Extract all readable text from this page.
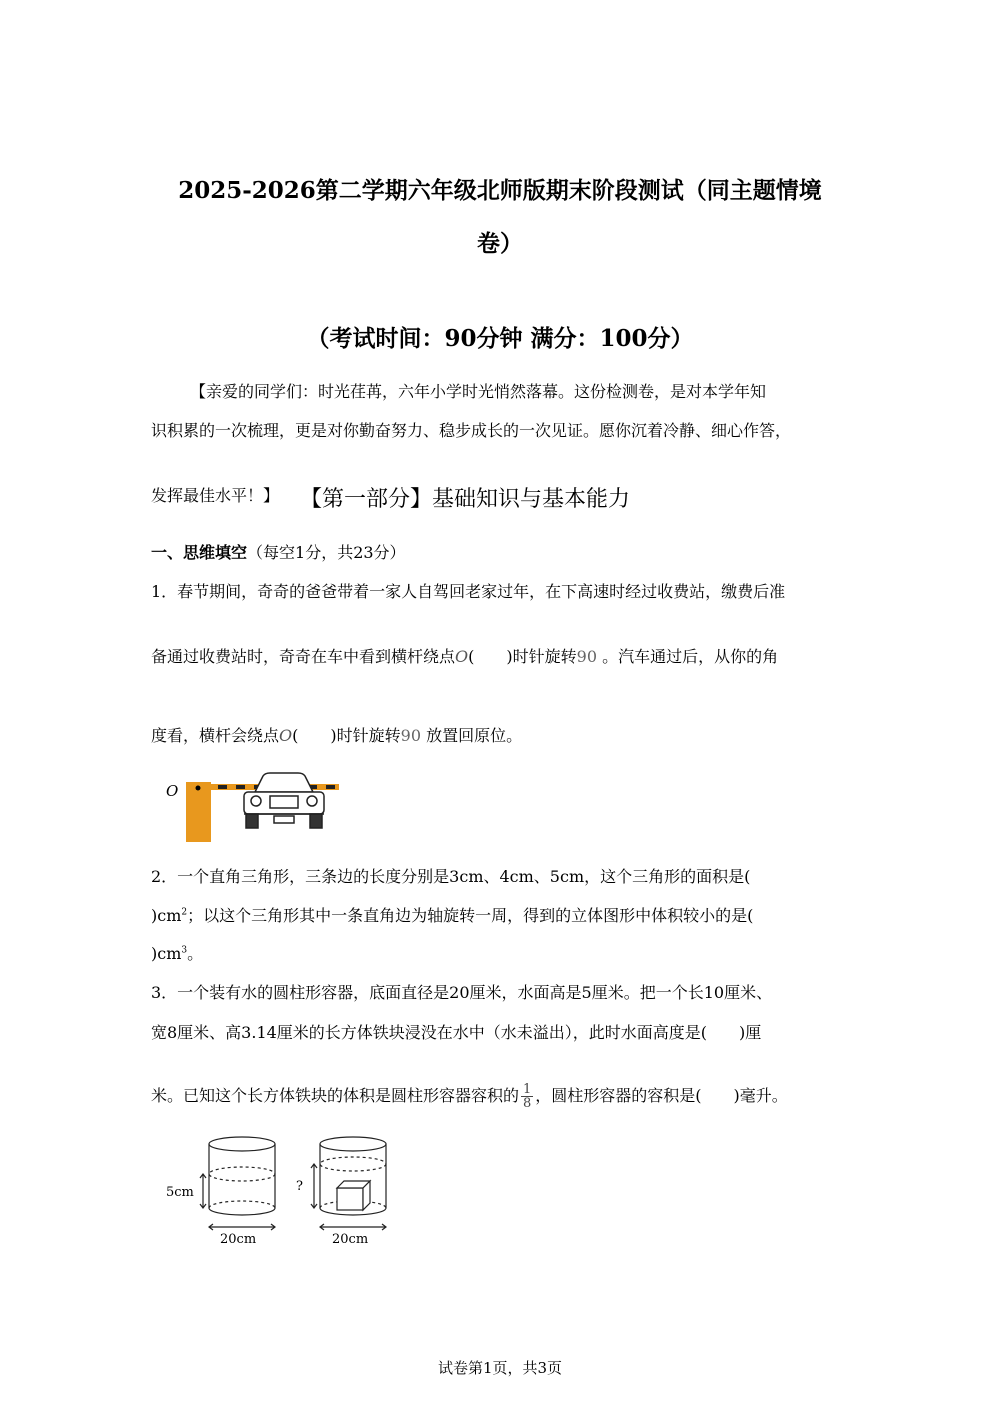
2025-2026第二学期六年级北师版期末阶段测试（同主题情境
卷）
（考试时间：90分钟 满分：100分）
【亲爱的同学们：时光荏苒，六年小学时光悄然落幕。这份检测卷，是对本学年知
识积累的一次梳理，更是对你勤奋努力、稳步成长的一次见证。愿你沉着冷静、细心作答，
发挥最佳水平！】 【第一部分】基础知识与基本能力
一、思维填空（每空1分，共23分）
1．春节期间，奇奇的爸爸带着一家人自驾回老家过年，在下高速时经过收费站，缴费后准
备通过收费站时，奇奇在车中看到横杆绕点O(　　)时针旋转90 。汽车通过后，从你的角
度看，横杆会绕点O(　　)时针旋转90 放置回原位。
O
2．一个直角三角形，三条边的长度分别是3cm、4cm、5cm，这个三角形的面积是(
)$cm^2$；以这个三角形其中一条直角边为轴旋转一周，得到的立体图形中体积较小的是(
)$cm^3$。
3．一个装有水的圆柱形容器，底面直径是20厘米，水面高是5厘米。把一个长10厘米、
宽8厘米、高3.14厘米的长方体铁块浸没在水中（水未溢出），此时水面高度是(　　)厘
米。已知这个长方体铁块的体积是圆柱形容器容积的 $\frac{1}{8}$ ，圆柱形容器的容积是(　　)毫升。
5cm
20cm
?
20cm
试卷第1页，共3页
